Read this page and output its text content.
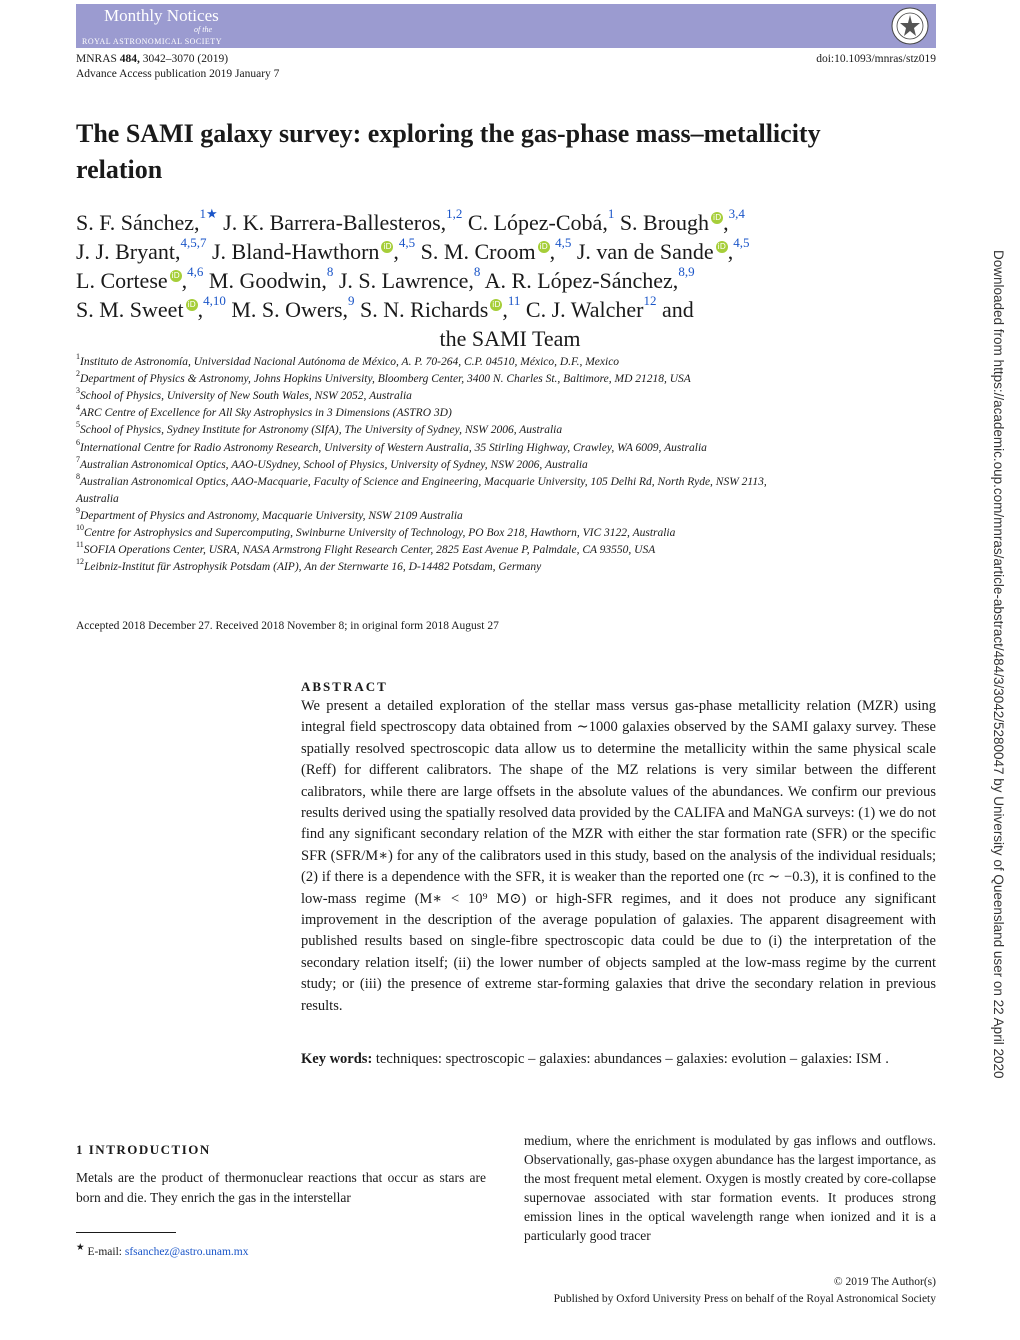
Monthly Notices
of the
ROYAL ASTRONOMICAL SOCIETY
MNRAS 484, 3042–3070 (2019)
Advance Access publication 2019 January 7
doi:10.1093/mnras/stz019
The SAMI galaxy survey: exploring the gas-phase mass–metallicity relation
S. F. Sánchez,$^{1★}$ J. K. Barrera-Ballesteros,$^{1,2}$ C. López-Cobá,$^1$ S. Brough iD,$^{3,4}$
J. J. Bryant,$^{4,5,7}$ J. Bland-Hawthorn iD,$^{4,5}$ S. M. Croom iD,$^{4,5}$ J. van de Sande iD,$^{4,5}$
L. Cortese iD,$^{4,6}$ M. Goodwin,$^8$ J. S. Lawrence,$^8$ A. R. López-Sánchez,$^{8,9}$
S. M. Sweet iD,$^{4,10}$ M. S. Owers,$^9$ S. N. Richards iD,$^{11}$ C. J. Walcher$^{12}$ and
the SAMI Team
$^1$Instituto de Astronomía, Universidad Nacional Autónoma de México, A. P. 70-264, C.P. 04510, México, D.F., Mexico
$^2$Department of Physics & Astronomy, Johns Hopkins University, Bloomberg Center, 3400 N. Charles St., Baltimore, MD 21218, USA
$^3$School of Physics, University of New South Wales, NSW 2052, Australia
$^4$ARC Centre of Excellence for All Sky Astrophysics in 3 Dimensions (ASTRO 3D)
$^5$School of Physics, Sydney Institute for Astronomy (SIfA), The University of Sydney, NSW 2006, Australia
$^6$International Centre for Radio Astronomy Research, University of Western Australia, 35 Stirling Highway, Crawley, WA 6009, Australia
$^7$Australian Astronomical Optics, AAO-USydney, School of Physics, University of Sydney, NSW 2006, Australia
$^8$Australian Astronomical Optics, AAO-Macquarie, Faculty of Science and Engineering, Macquarie University, 105 Delhi Rd, North Ryde, NSW 2113,
Australia
$^9$Department of Physics and Astronomy, Macquarie University, NSW 2109 Australia
$^{10}$Centre for Astrophysics and Supercomputing, Swinburne University of Technology, PO Box 218, Hawthorn, VIC 3122, Australia
$^{11}$SOFIA Operations Center, USRA, NASA Armstrong Flight Research Center, 2825 East Avenue P, Palmdale, CA 93550, USA
$^{12}$Leibniz-Institut für Astrophysik Potsdam (AIP), An der Sternwarte 16, D-14482 Potsdam, Germany
Accepted 2018 December 27. Received 2018 November 8; in original form 2018 August 27
ABSTRACT
We present a detailed exploration of the stellar mass versus gas-phase metallicity relation (MZR) using integral field spectroscopy data obtained from ∼1000 galaxies observed by the SAMI galaxy survey. These spatially resolved spectroscopic data allow us to determine the metallicity within the same physical scale (Reff) for different calibrators. The shape of the MZ relations is very similar between the different calibrators, while there are large offsets in the absolute values of the abundances. We confirm our previous results derived using the spatially resolved data provided by the CALIFA and MaNGA surveys: (1) we do not find any significant secondary relation of the MZR with either the star formation rate (SFR) or the specific SFR (SFR/M∗) for any of the calibrators used in this study, based on the analysis of the individual residuals; (2) if there is a dependence with the SFR, it is weaker than the reported one (rc ∼ −0.3), it is confined to the low-mass regime (M∗ < 10⁹ M⊙) or high-SFR regimes, and it does not produce any significant improvement in the description of the average population of galaxies. The apparent disagreement with published results based on single-fibre spectroscopic data could be due to (i) the interpretation of the secondary relation itself; (ii) the lower number of objects sampled at the low-mass regime by the current study; or (iii) the presence of extreme star-forming galaxies that drive the secondary relation in previous results.
Key words: techniques: spectroscopic – galaxies: abundances – galaxies: evolution – galaxies: ISM .
1 INTRODUCTION
Metals are the product of thermonuclear reactions that occur as stars are born and die. They enrich the gas in the interstellar
medium, where the enrichment is modulated by gas inflows and outflows. Observationally, gas-phase oxygen abundance has the largest importance, as the most frequent metal element. Oxygen is mostly created by core-collapse supernovae associated with star formation events. It produces strong emission lines in the optical wavelength range when ionized and it is a particularly good tracer
★ E-mail: sfsanchez@astro.unam.mx
© 2019 The Author(s)
Published by Oxford University Press on behalf of the Royal Astronomical Society
Downloaded from https://academic.oup.com/mnras/article-abstract/484/3/3042/5280047 by University of Queensland user on 22 April 2020
